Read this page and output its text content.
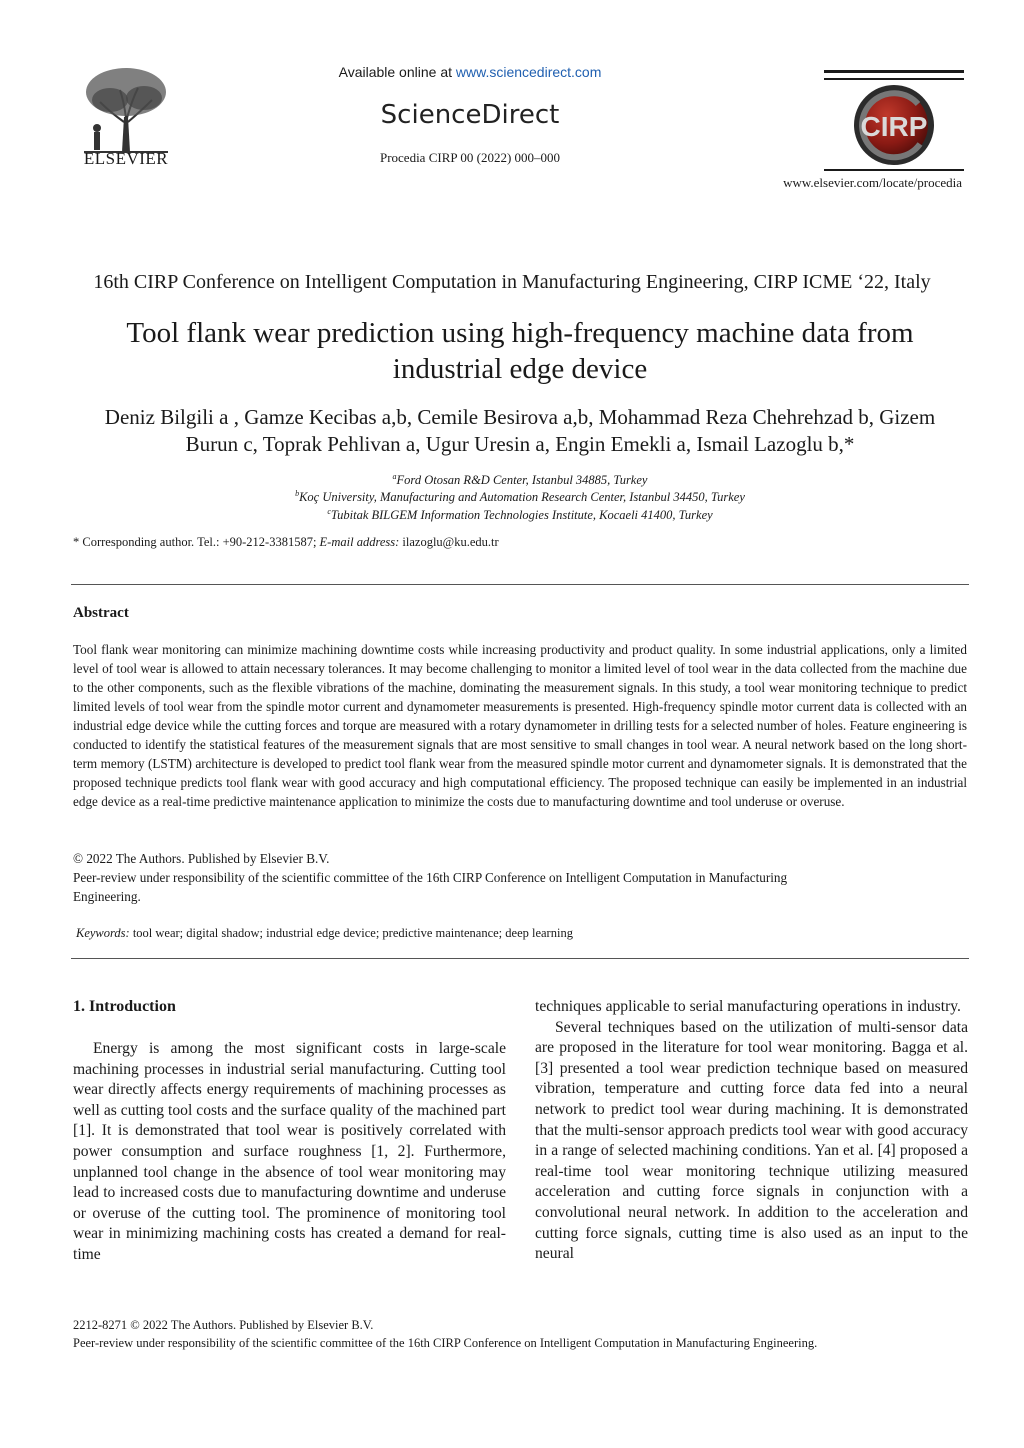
ELSEVIER
Available online at www.sciencedirect.com
ScienceDirect
Procedia CIRP 00 (2022) 000–000
CIRP
www.elsevier.com/locate/procedia
16th CIRP Conference on Intelligent Computation in Manufacturing Engineering, CIRP ICME ‘22, Italy
Tool flank wear prediction using high-frequency machine data from
industrial edge device
Deniz Bilgili a , Gamze Kecibas a,b, Cemile Besirova a,b, Mohammad Reza Chehrehzad b, Gizem
Burun c, Toprak Pehlivan a, Ugur Uresin a, Engin Emekli a, Ismail Lazoglu b,*
$^a$Ford Otosan R&D Center, Istanbul 34885, Turkey
$^b$Koç University, Manufacturing and Automation Research Center, Istanbul 34450, Turkey
$^c$Tubitak BILGEM Information Technologies Institute, Kocaeli 41400, Turkey
* Corresponding author. Tel.: +90-212-3381587; E-mail address: ilazoglu@ku.edu.tr
Abstract
Tool flank wear monitoring can minimize machining downtime costs while increasing productivity and product quality. In some industrial applications, only a limited level of tool wear is allowed to attain necessary tolerances. It may become challenging to monitor a limited level of tool wear in the data collected from the machine due to the other components, such as the flexible vibrations of the machine, dominating the measurement signals. In this study, a tool wear monitoring technique to predict limited levels of tool wear from the spindle motor current and dynamometer measurements is presented. High-frequency spindle motor current data is collected with an industrial edge device while the cutting forces and torque are measured with a rotary dynamometer in drilling tests for a selected number of holes. Feature engineering is conducted to identify the statistical features of the measurement signals that are most sensitive to small changes in tool wear. A neural network based on the long short-term memory (LSTM) architecture is developed to predict tool flank wear from the measured spindle motor current and dynamometer signals. It is demonstrated that the proposed technique predicts tool flank wear with good accuracy and high computational efficiency. The proposed technique can easily be implemented in an industrial edge device as a real-time predictive maintenance application to minimize the costs due to manufacturing downtime and tool underuse or overuse.
© 2022 The Authors. Published by Elsevier B.V.
Peer-review under responsibility of the scientific committee of the 16th CIRP Conference on Intelligent Computation in Manufacturing
Engineering.
Keywords: tool wear; digital shadow; industrial edge device; predictive maintenance; deep learning
1. Introduction

Energy is among the most significant costs in large-scale machining processes in industrial serial manufacturing. Cutting tool wear directly affects energy requirements of machining processes as well as cutting tool costs and the surface quality of the machined part [1]. It is demonstrated that tool wear is positively correlated with power consumption and surface roughness [1, 2]. Furthermore, unplanned tool change in the absence of tool wear monitoring may lead to increased costs due to manufacturing downtime and underuse or overuse of the cutting tool. The prominence of monitoring tool wear in minimizing machining costs has created a demand for real-time

techniques applicable to serial manufacturing operations in industry.

Several techniques based on the utilization of multi-sensor data are proposed in the literature for tool wear monitoring. Bagga et al. [3] presented a tool wear prediction technique based on measured vibration, temperature and cutting force data fed into a neural network to predict tool wear during machining. It is demonstrated that the multi-sensor approach predicts tool wear with good accuracy in a range of selected machining conditions. Yan et al. [4] proposed a real-time tool wear monitoring technique utilizing measured acceleration and cutting force signals in conjunction with a convolutional neural network. In addition to the acceleration and cutting force signals, cutting time is also used as an input to the neural

2212-8271 © 2022 The Authors. Published by Elsevier B.V.
Peer-review under responsibility of the scientific committee of the 16th CIRP Conference on Intelligent Computation in Manufacturing Engineering.
